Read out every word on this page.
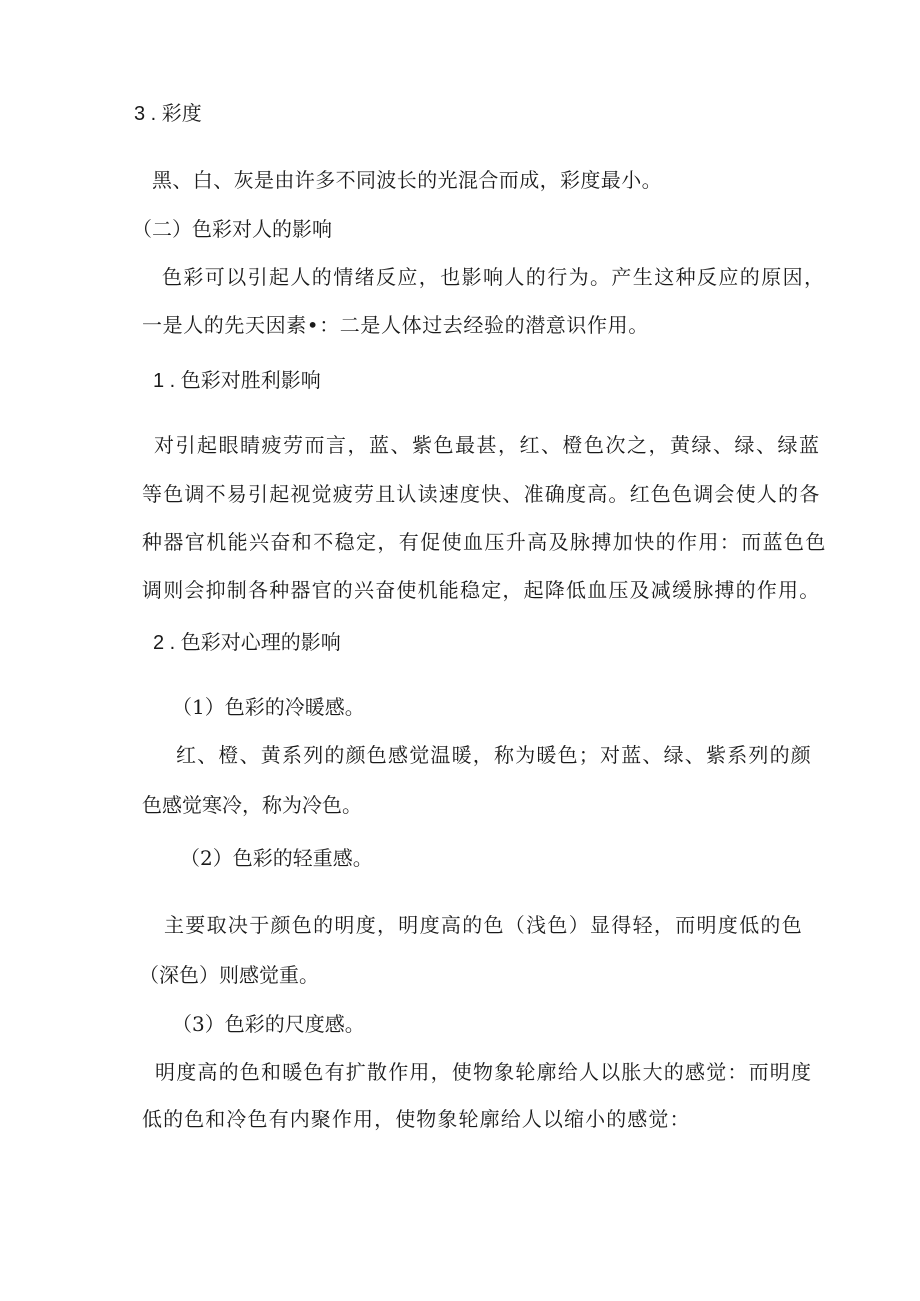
3 . 彩度
黑、白、灰是由许多不同波长的光混合而成，彩度最小。
（二）色彩对人的影响
色彩可以引起人的情绪反应，也影响人的行为。产生这种反应的原因，
一是人的先天因素•：二是人体过去经验的潜意识作用。
1 . 色彩对胜利影响
对引起眼睛疲劳而言，蓝、紫色最甚，红、橙色次之，黄绿、绿、绿蓝
等色调不易引起视觉疲劳且认读速度快、准确度高。红色色调会使人的各
种器官机能兴奋和不稳定，有促使血压升高及脉搏加快的作用：而蓝色色
调则会抑制各种器官的兴奋使机能稳定，起降低血压及减缓脉搏的作用。
2 . 色彩对心理的影响
（1）色彩的冷暖感。
红、橙、黄系列的颜色感觉温暖，称为暖色；对蓝、绿、紫系列的颜
色感觉寒冷，称为冷色。
（2）色彩的轻重感。
主要取决于颜色的明度，明度高的色（浅色）显得轻，而明度低的色
（深色）则感觉重。
（3）色彩的尺度感。
明度高的色和暖色有扩散作用，使物象轮廓给人以胀大的感觉：而明度
低的色和冷色有内聚作用，使物象轮廓给人以缩小的感觉：
